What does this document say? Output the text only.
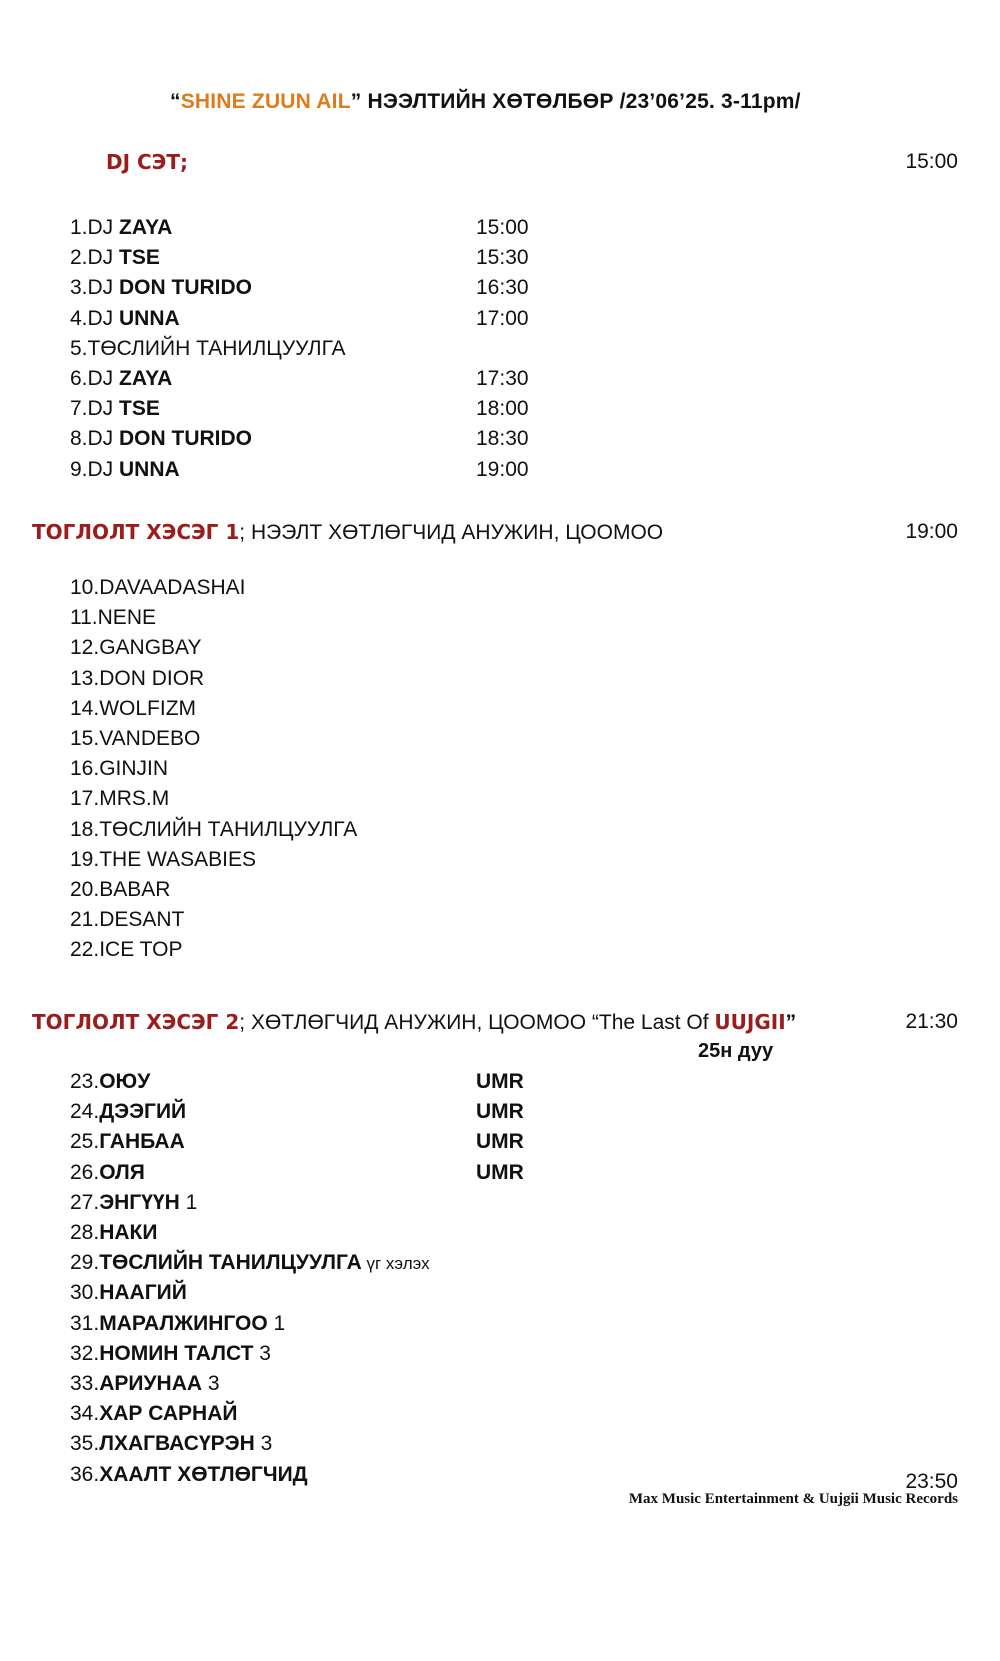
“SHINE ZUUN AIL” НЭЭЛТИЙН ХӨТӨЛБӨР /23’06’25. 3-11pm/
DJ СЭТ;	15:00
1.DJ ZAYA	15:00
2.DJ TSE	15:30
3.DJ DON TURIDO	16:30
4.DJ UNNA	17:00
5.ТӨСЛИЙН ТАНИЛЦУУЛГА
6.DJ ZAYA	17:30
7.DJ TSE	18:00
8.DJ DON TURIDO	18:30
9.DJ UNNA	19:00
ТОГЛОЛТ ХЭСЭГ 1; НЭЭЛТ ХӨТЛӨГЧИД АНУЖИН, ЦООМОО	19:00
10.DAVAADASHAI
11.NENE
12.GANGBAY
13.DON DIOR
14.WOLFIZM
15.VANDEBO
16.GINJIN
17.MRS.M
18.ТӨСЛИЙН ТАНИЛЦУУЛГА
19.THE WASABIES
20.BABAR
21.DESANT
22.ICE TOP
ТОГЛОЛТ ХЭСЭГ 2; ХӨТЛӨГЧИД АНУЖИН, ЦООМОО “The Last Of UUJGII”	21:30
25н дуу
23.ОЮУ	UMR
24.ДЭЭГИЙ	UMR
25.ГАНБАА	UMR
26.ОЛЯ	UMR
27.ЭНГҮҮН 1
28.НАКИ
29.ТӨСЛИЙН ТАНИЛЦУУЛГА үг хэлэх
30.НААГИЙ
31.МАРАЛЖИНГОО 1
32.НОМИН ТАЛСТ 3
33.АРИУНАА 3
34.ХАР САРНАЙ
35.ЛХАГВАСҮРЭН 3
36.ХААЛТ ХӨТЛӨГЧИД	23:50
Max Music Entertainment & Uujgii Music Records
